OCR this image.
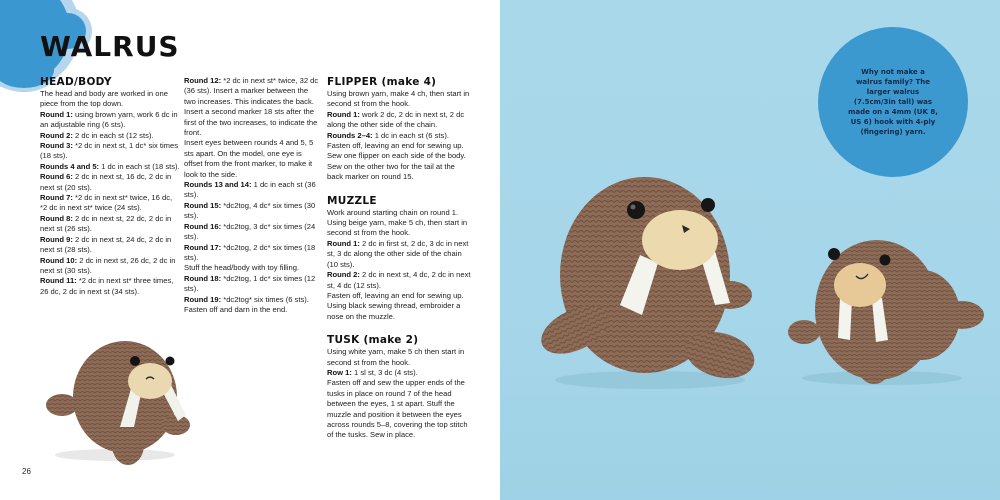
WALRUS
HEAD/BODY
The head and body are worked in one piece from the top down.
Round 1: using brown yarn, work 6 dc in an adjustable ring (6 sts).
Round 2: 2 dc in each st (12 sts).
Round 3: *2 dc in next st, 1 dc* six times (18 sts).
Rounds 4 and 5: 1 dc in each st (18 sts).
Round 6: 2 dc in next st, 16 dc, 2 dc in next st (20 sts).
Round 7: *2 dc in next st* twice, 16 dc, *2 dc in next st* twice (24 sts).
Round 8: 2 dc in next st, 22 dc, 2 dc in next st (26 sts).
Round 9: 2 dc in next st, 24 dc, 2 dc in next st (28 sts).
Round 10: 2 dc in next st, 26 dc, 2 dc in next st (30 sts).
Round 11: *2 dc in next st* three times, 26 dc, 2 dc in next st (34 sts).
Round 12: *2 dc in next st* twice, 32 dc (36 sts). Insert a marker between the two increases. This indicates the back.
Insert a second marker 18 sts after the first of the two increases, to indicate the front.
Insert eyes between rounds 4 and 5, 5 sts apart. On the model, one eye is offset from the front marker, to make it look to the side.
Rounds 13 and 14: 1 dc in each st (36 sts).
Round 15: *dc2tog, 4 dc* six times (30 sts).
Round 16: *dc2tog, 3 dc* six times (24 sts).
Round 17: *dc2tog, 2 dc* six times (18 sts).
Stuff the head/body with toy filling.
Round 18: *dc2tog, 1 dc* six times (12 sts).
Round 19: *dc2tog* six times (6 sts).
Fasten off and darn in the end.
FLIPPER (make 4)
Using brown yarn, make 4 ch, then start in second st from the hook.
Round 1: work 2 dc, 2 dc in next st, 2 dc along the other side of the chain.
Rounds 2–4: 1 dc in each st (6 sts).
Fasten off, leaving an end for sewing up. Sew one flipper on each side of the body. Sew on the other two for the tail at the back marker on round 15.
MUZZLE
Work around starting chain on round 1. Using beige yarn, make 5 ch, then start in second st from the hook.
Round 1: 2 dc in first st, 2 dc, 3 dc in next st, 3 dc along the other side of the chain (10 sts).
Round 2: 2 dc in next st, 4 dc, 2 dc in next st, 4 dc (12 sts).
Fasten off, leaving an end for sewing up. Using black sewing thread, embroider a nose on the muzzle.
TUSK (make 2)
Using white yarn, make 5 ch then start in second st from the hook.
Row 1: 1 sl st, 3 dc (4 sts).
Fasten off and sew the upper ends of the tusks in place on round 7 of the head between the eyes, 1 st apart. Stuff the muzzle and position it between the eyes across rounds 5–8, covering the top stitch of the tusks. Sew in place.
26

Why not make a walrus family? The larger walrus (7.5cm/3in tall) was made on a 4mm (UK 8, US 6) hook with 4-ply (fingering) yarn.
